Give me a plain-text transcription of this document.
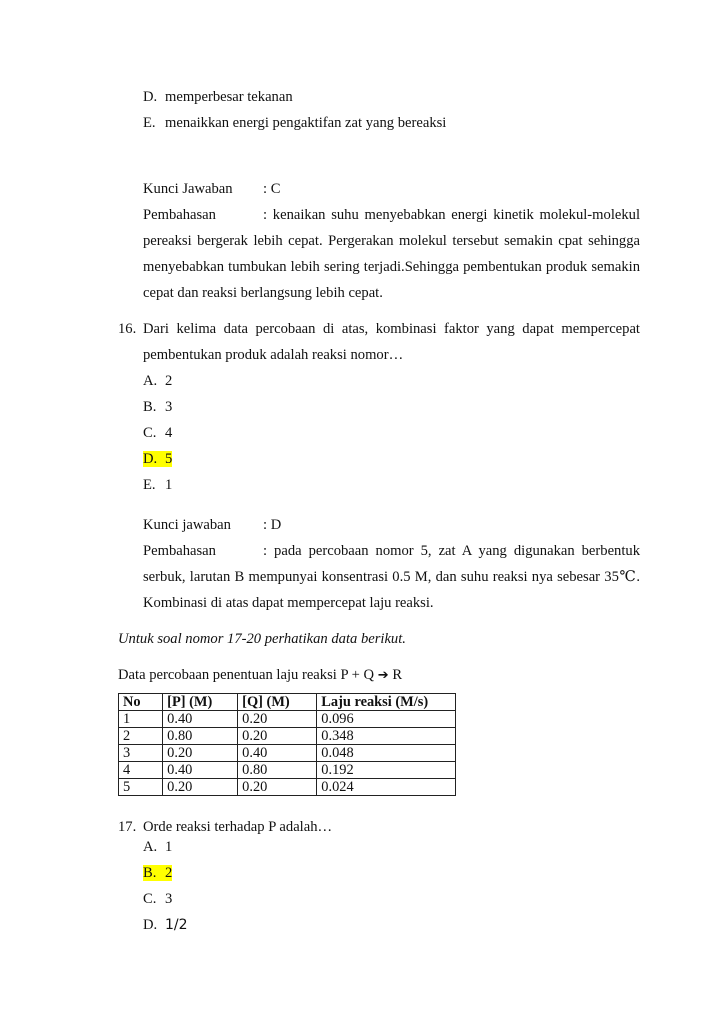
D. memperbesar tekanan
E. menaikkan energi pengaktifan zat yang bereaksi
Kunci Jawaban : C
Pembahasan	: kenaikan suhu menyebabkan energi kinetik molekul-molekul
pereaksi bergerak lebih cepat. Pergerakan molekul tersebut semakin cpat sehingga
menyebabkan tumbukan lebih sering terjadi.Sehingga pembentukan produk semakin
cepat dan reaksi berlangsung lebih cepat.
16. Dari kelima data percobaan di atas, kombinasi faktor yang dapat mempercepat
pembentukan produk adalah reaksi nomor…
A. 2
B. 3
C. 4
D. 5
E. 1
Kunci jawaban : D
Pembahasan	: pada percobaan nomor 5, zat A yang digunakan berbentuk
serbuk, larutan B mempunyai konsentrasi 0.5 M, dan suhu reaksi nya sebesar 35℃.
Kombinasi di atas dapat mempercepat laju reaksi.
Untuk soal nomor 17-20 perhatikan data berikut.
Data percobaan penentuan laju reaksi P + Q ➔ R
No	[P] (M)	[Q] (M)	Laju reaksi (M/s)
1	0.40	0.20	0.096
2	0.80	0.20	0.348
3	0.20	0.40	0.048
4	0.40	0.80	0.192
5	0.20	0.20	0.024
17. Orde reaksi terhadap P adalah…
A. 1
B. 2
C. 3
D. 1/2
